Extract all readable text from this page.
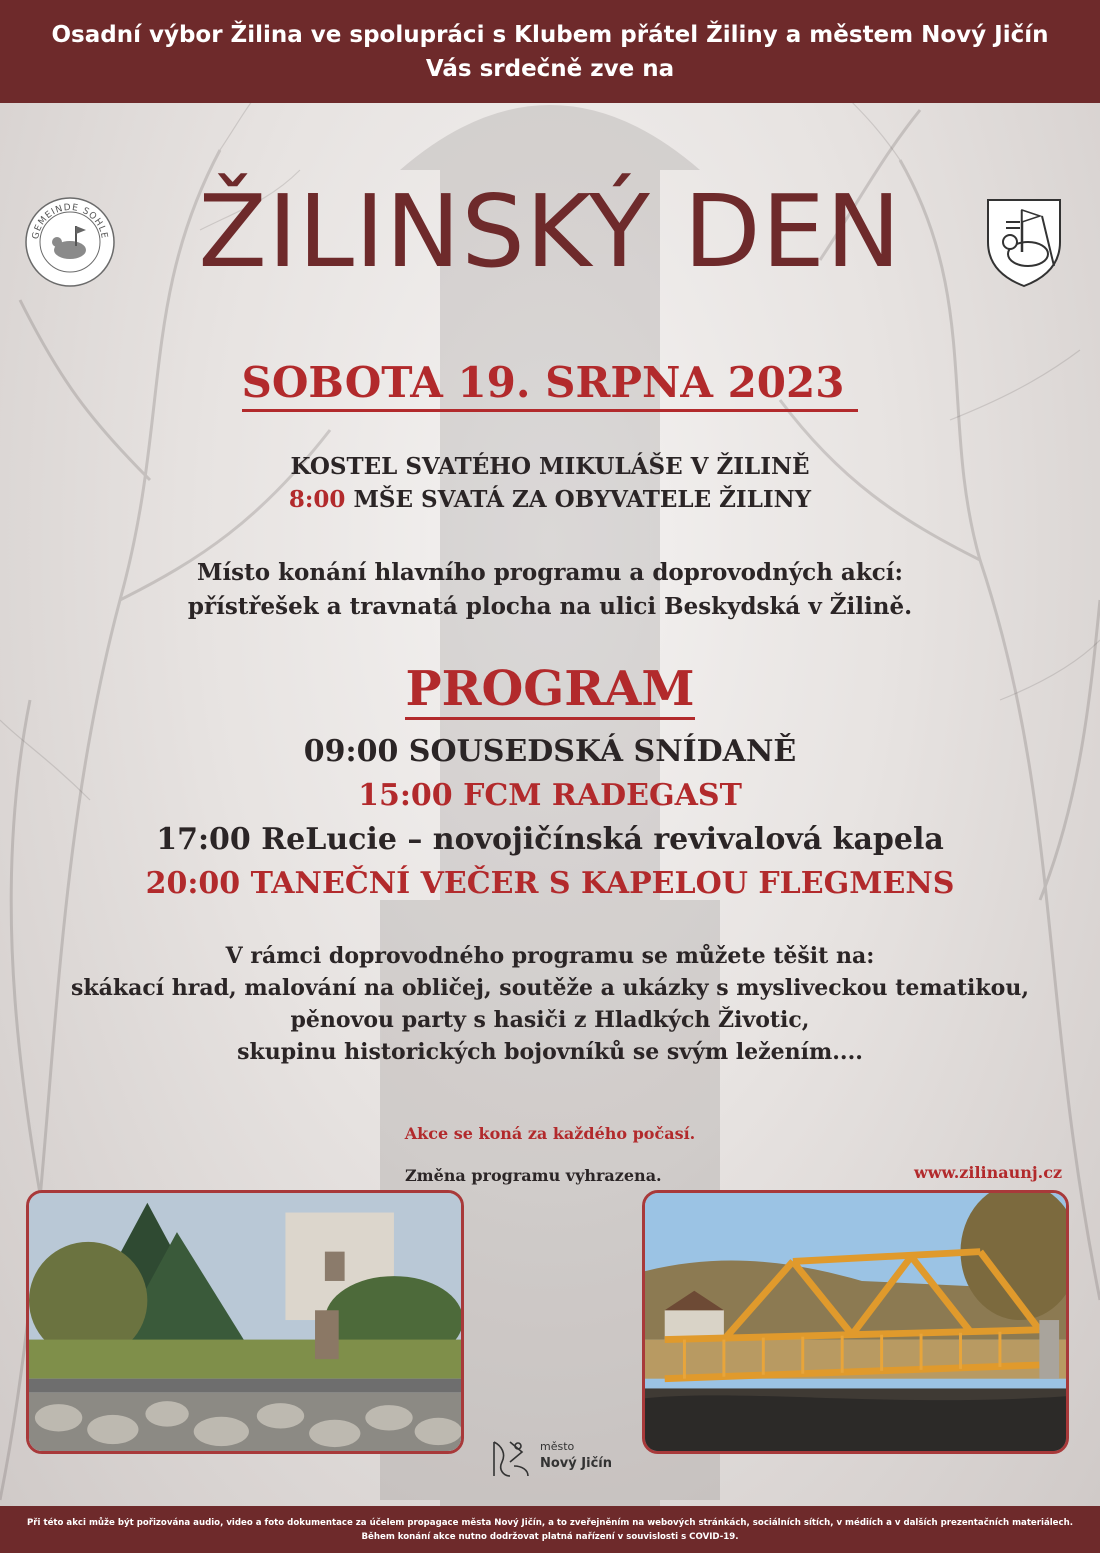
Osadní výbor Žilina ve spolupráci s Klubem přátel Žiliny a městem Nový Jičín
Vás srdečně zve na
GEMEINDE SOHLE ŽILINSKÝ DEN
SOBOTA 19. SRPNA 2023
KOSTEL SVATÉHO MIKULÁŠE V ŽILINĚ
8:00 MŠE SVATÁ ZA OBYVATELE ŽILINY
Místo konání hlavního programu a doprovodných akcí:
přístřešek a travnatá plocha na ulici Beskydská v Žilině.
PROGRAM
09:00 SOUSEDSKÁ SNÍDANĚ
15:00 FCM RADEGAST
17:00 ReLucie – novojičínská revivalová kapela
20:00 TANEČNÍ VEČER S KAPELOU FLEGMENS
V rámci doprovodného programu se můžete těšit na:
skákací hrad, malování na obličej, soutěže a ukázky s mysliveckou tematikou,
pěnovou party s hasiči z Hladkých Životic,
skupinu historických bojovníků se svým ležením....
Akce se koná za každého počasí.
Změna programu vyhrazena.	www.zilinaunj.cz
město
Nový Jičín
Při této akci může být pořizována audio, video a foto dokumentace za účelem propagace města Nový Jičín, a to zveřejněním na webových stránkách, sociálních sítích, v médiích a v dalších prezentačních materiálech.
Během konání akce nutno dodržovat platná nařízení v souvislosti s COVID-19.
